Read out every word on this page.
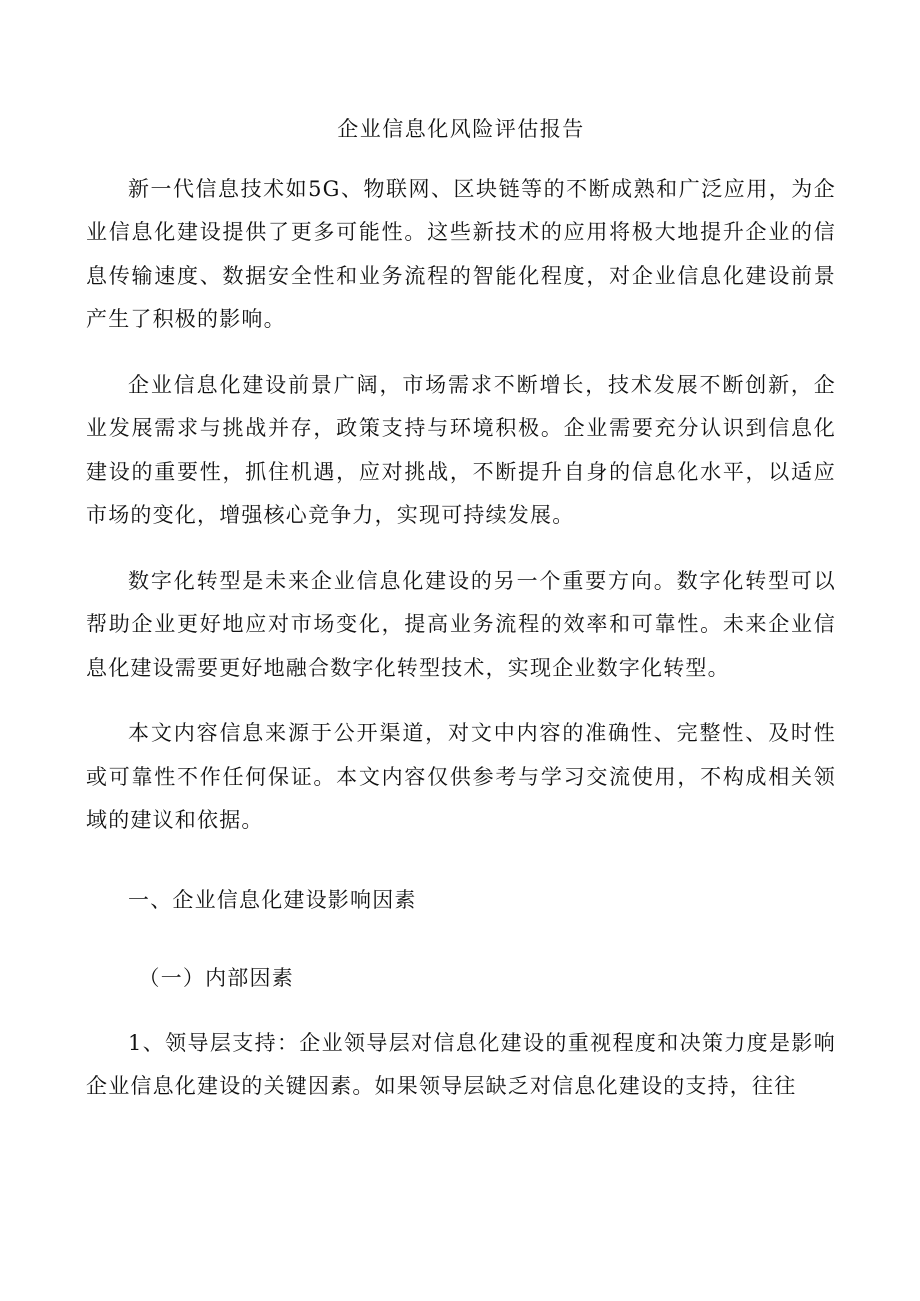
企业信息化风险评估报告

新一代信息技术如5G、物联网、区块链等的不断成熟和广泛应用，为企业信息化建设提供了更多可能性。这些新技术的应用将极大地提升企业的信息传输速度、数据安全性和业务流程的智能化程度，对企业信息化建设前景产生了积极的影响。

企业信息化建设前景广阔，市场需求不断增长，技术发展不断创新，企业发展需求与挑战并存，政策支持与环境积极。企业需要充分认识到信息化建设的重要性，抓住机遇，应对挑战，不断提升自身的信息化水平，以适应市场的变化，增强核心竞争力，实现可持续发展。

数字化转型是未来企业信息化建设的另一个重要方向。数字化转型可以帮助企业更好地应对市场变化，提高业务流程的效率和可靠性。未来企业信息化建设需要更好地融合数字化转型技术，实现企业数字化转型。

本文内容信息来源于公开渠道，对文中内容的准确性、完整性、及时性或可靠性不作任何保证。本文内容仅供参考与学习交流使用，不构成相关领域的建议和依据。

一、企业信息化建设影响因素
（一）内部因素

1、领导层支持：企业领导层对信息化建设的重视程度和决策力度是影响企业信息化建设的关键因素。如果领导层缺乏对信息化建设的支持，往往
